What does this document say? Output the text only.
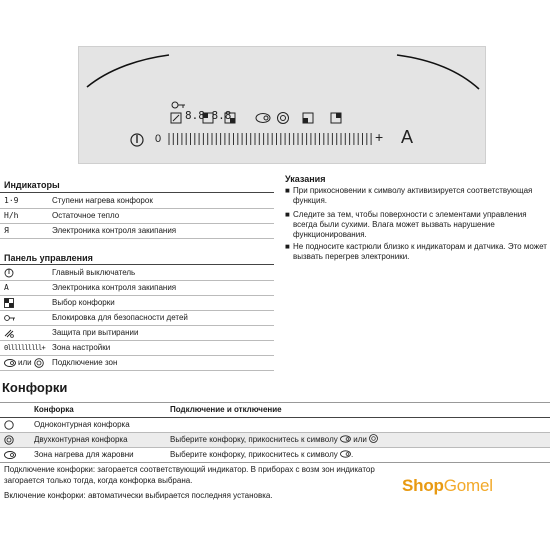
8.8 8.8
0	+ A
Индикаторы
1·9	Ступени нагрева конфорок
Н/h	Остаточное тепло
Я	Электроника контроля закипания
Панель управления
Главный выключатель
A	Электроника контроля закипания
Выбор конфорки
Блокировка для безопасности детей
Защита при вытирании
0llllllllll+ Зона настройки
или	Подключение зон
Указания
■ При прикосновении к символу активизируется соответствующая функция.
■ Следите за тем, чтобы поверхности с элементами управления всегда были сухими. Влага может вызвать нарушение функционирования.
■ Не подносите кастрюли близко к индикаторам и датчика. Это может вызвать перегрев электроники.
Конфорки
Конфорка	Подключение и отключение
Одноконтурная конфорка
Двухконтурная конфорка	Выберите конфорку, прикоснитесь к символу или
Зона нагрева для жаровни	Выберите конфорку, прикоснитесь к символу .
Подключение конфорки: загорается соответствующий индикатор. В приборах с возм зон индикатор загорается только тогда, когда конфорка выбрана.
Включение конфорки: автоматически выбирается последняя установка.
ShopGomel
